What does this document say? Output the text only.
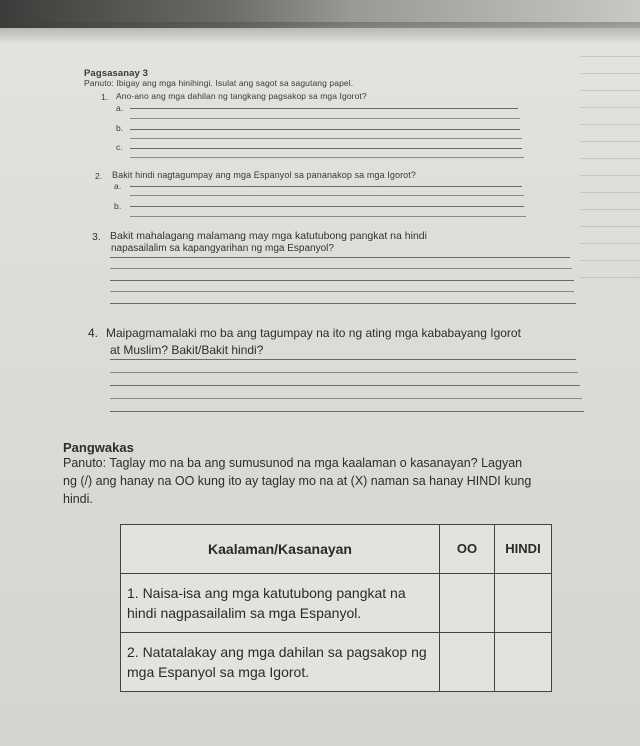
Pagsasanay 3
Panuto: Ibigay ang mga hinihingi. Isulat ang sagot sa sagutang papel.
1. Ano-ano ang mga dahilan ng tangkang pagsakop sa mga Igorot?
a.
b.
c.
2. Bakit hindi nagtagumpay ang mga Espanyol sa pananakop sa mga Igorot?
a.
b.
3. Bakit mahalagang malamang may mga katutubong pangkat na hindi
napasailalim sa kapangyarihan ng mga Espanyol?
4. Maipagmamalaki mo ba ang tagumpay na ito ng ating mga kababayang Igorot
at Muslim? Bakit/Bakit hindi?
Pangwakas
Panuto: Taglay mo na ba ang sumusunod na mga kaalaman o kasanayan? Lagyan
ng (/) ang hanay na OO kung ito ay taglay mo na at (X) naman sa hanay HINDI kung
hindi.
Kaalaman/Kasanayan	OO	HINDI
1. Naisa-isa ang mga katutubong pangkat na hindi nagpasailalim sa mga Espanyol.		
2. Natatalakay ang mga dahilan sa pagsakop ng mga Espanyol sa mga Igorot.		
